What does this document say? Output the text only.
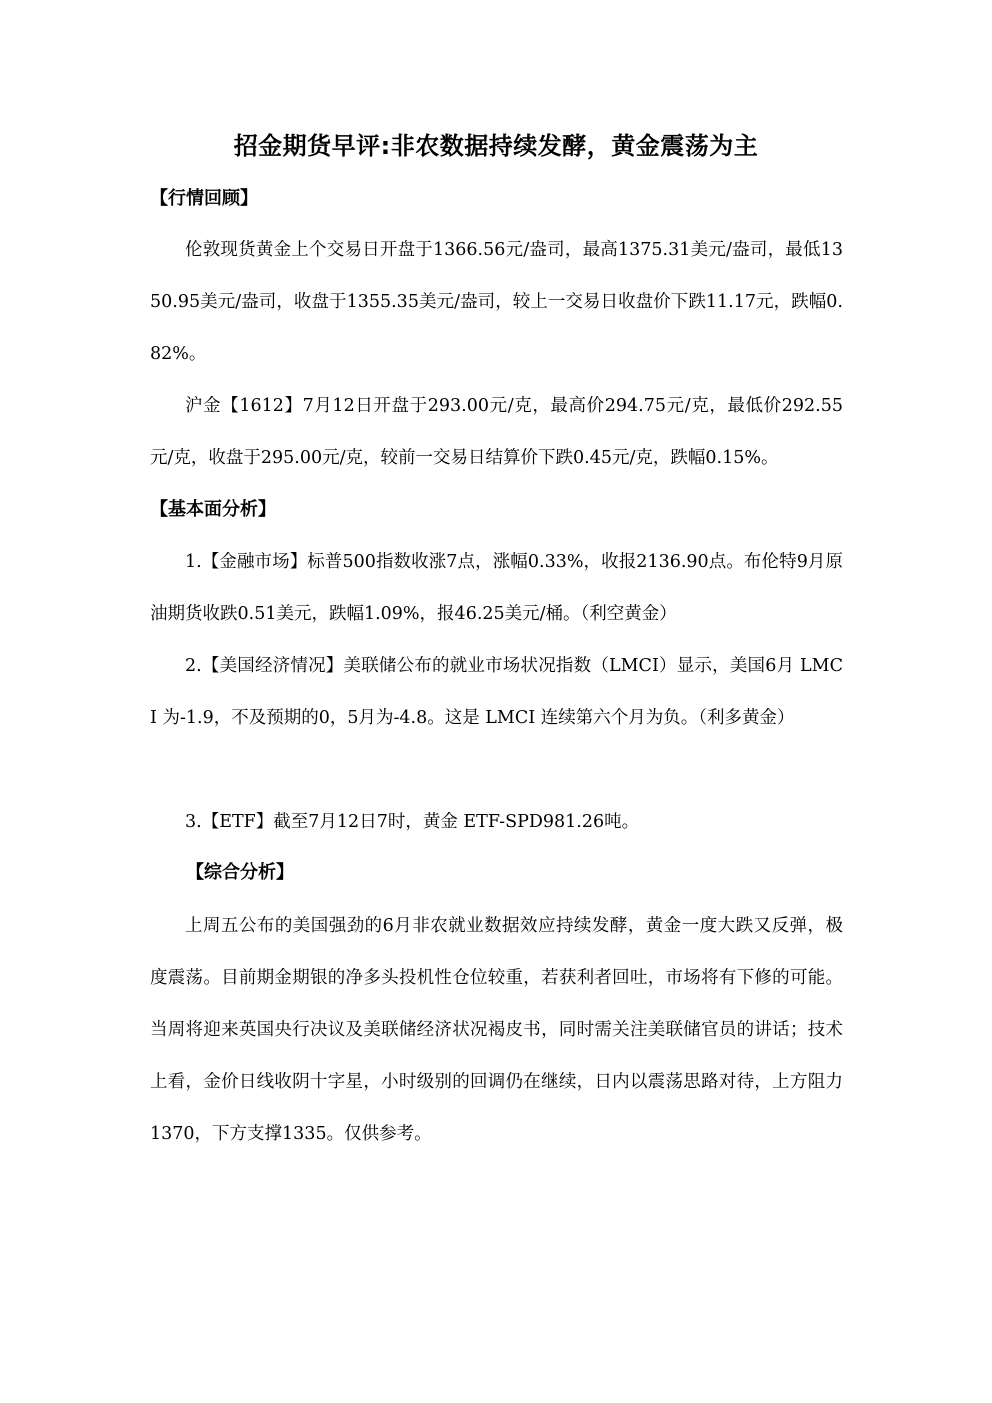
招金期货早评:非农数据持续发酵，黄金震荡为主
【行情回顾】
伦敦现货黄金上个交易日开盘于1366.56元/盎司，最高1375.31美元/盎司，最低1350.95美元/盎司，收盘于1355.35美元/盎司，较上一交易日收盘价下跌11.17元，跌幅0.82%。
沪金【1612】7月12日开盘于293.00元/克，最高价294.75元/克，最低价292.55元/克，收盘于295.00元/克，较前一交易日结算价下跌0.45元/克，跌幅0.15%。
【基本面分析】
1.【金融市场】标普500指数收涨7点，涨幅0.33%，收报2136.90点。布伦特9月原油期货收跌0.51美元，跌幅1.09%，报46.25美元/桶。（利空黄金）
2.【美国经济情况】美联储公布的就业市场状况指数（LMCI）显示，美国6月 LMCI 为-1.9，不及预期的0，5月为-4.8。这是 LMCI 连续第六个月为负。（利多黄金）
3.【ETF】截至7月12日7时，黄金 ETF-SPD981.26吨。
【综合分析】
上周五公布的美国强劲的6月非农就业数据效应持续发酵，黄金一度大跌又反弹，极度震荡。目前期金期银的净多头投机性仓位较重，若获利者回吐，市场将有下修的可能。当周将迎来英国央行决议及美联储经济状况褐皮书，同时需关注美联储官员的讲话；技术上看，金价日线收阴十字星，小时级别的回调仍在继续，日内以震荡思路对待，上方阻力1370，下方支撑1335。仅供参考。
